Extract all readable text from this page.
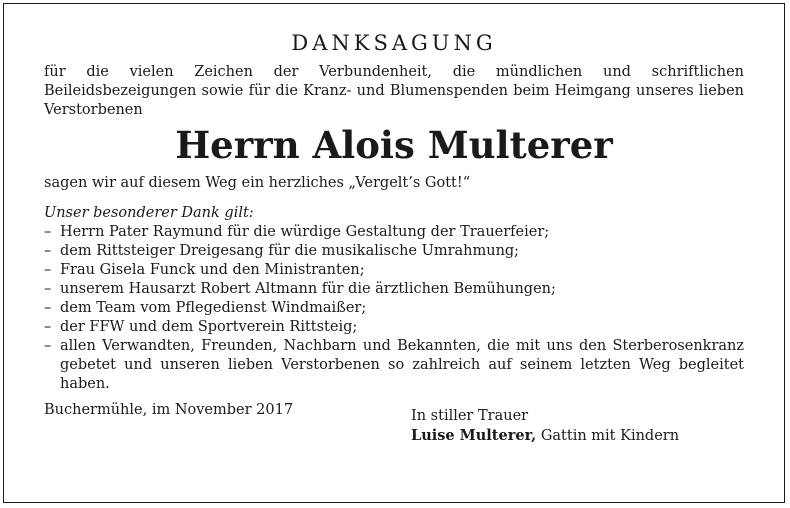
DANKSAGUNG

für die vielen Zeichen der Verbundenheit, die mündlichen und schriftlichen Beileidsbezeigungen sowie für die Kranz- und Blumenspenden beim Heimgang unseres lieben Verstorbenen

Herrn Alois Multerer

sagen wir auf diesem Weg ein herzliches „Vergelt’s Gott!“

Unser besonderer Dank gilt:

– Herrn Pater Raymund für die würdige Gestaltung der Trauerfeier;
– dem Rittsteiger Dreigesang für die musikalische Umrahmung;
– Frau Gisela Funck und den Ministranten;
– unserem Hausarzt Robert Altmann für die ärztlichen Bemühungen;
– dem Team vom Pflegedienst Windmaißer;
– der FFW und dem Sportverein Rittsteig;
– allen Verwandten, Freunden, Nachbarn und Bekannten, die mit uns den Sterberosenkranz gebetet und unseren lieben Verstorbenen so zahlreich auf seinem letzten Weg begleitet haben.

Buchermühle, im November 2017	In stiller Trauer
Luise Multerer, Gattin mit Kindern
